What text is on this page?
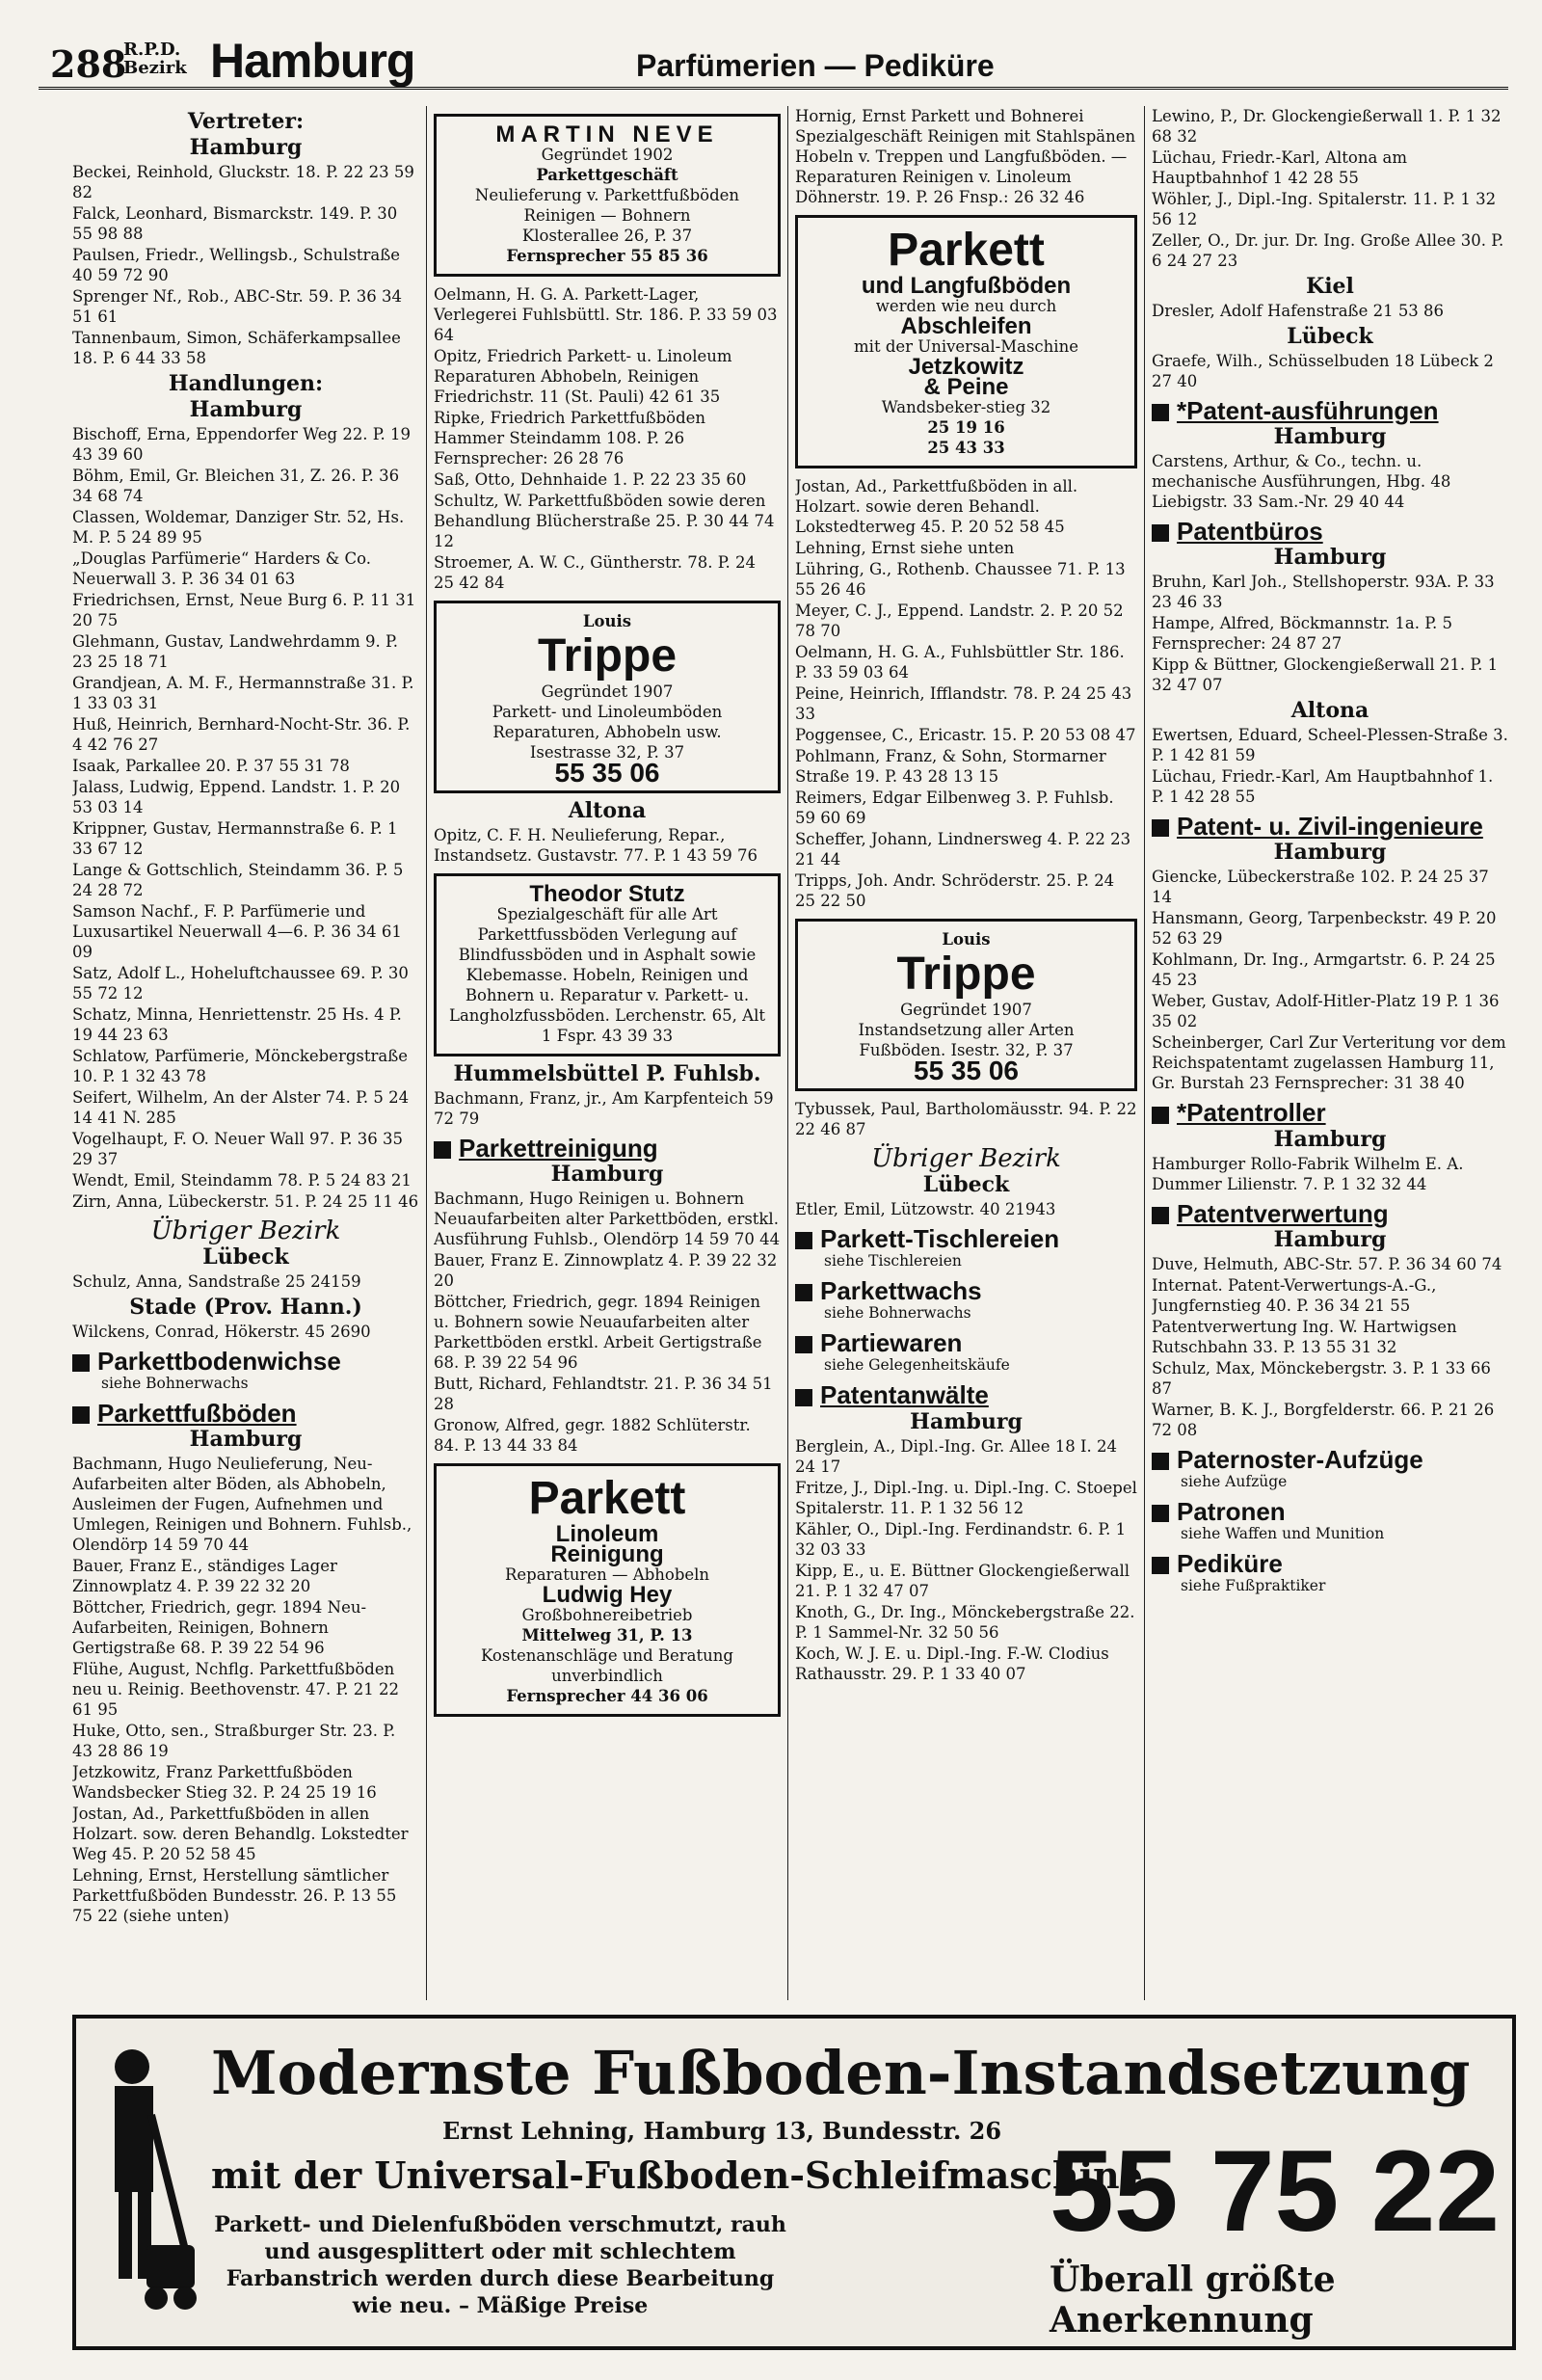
288
R.P.D.
Bezirk Hamburg	Parfümerien — Pediküre
Vertreter:
Hamburg
Beckei, Reinhold, Gluckstr. 18. P. 22 23 59 82
Falck, Leonhard, Bismarckstr. 149. P. 30 55 98 88
Paulsen, Friedr., Wellingsb., Schulstraße 40 59 72 90
Sprenger Nf., Rob., ABC-Str. 59. P. 36 34 51 61
Tannenbaum, Simon, Schäferkampsallee 18. P. 6 44 33 58
Handlungen:
Hamburg
Bischoff, Erna, Eppendorfer Weg 22. P. 19 43 39 60
Böhm, Emil, Gr. Bleichen 31, Z. 26. P. 36 34 68 74
Classen, Woldemar, Danziger Str. 52, Hs. M. P. 5 24 89 95
„Douglas Parfümerie“ Harders & Co. Neuerwall 3. P. 36 34 01 63
Friedrichsen, Ernst, Neue Burg 6. P. 11 31 20 75
Glehmann, Gustav, Landwehrdamm 9. P. 23 25 18 71
Grandjean, A. M. F., Hermannstraße 31. P. 1 33 03 31
Huß, Heinrich, Bernhard-Nocht-Str. 36. P. 4 42 76 27
Isaak, Parkallee 20. P. 37 55 31 78
Jalass, Ludwig, Eppend. Landstr. 1. P. 20 53 03 14
Krippner, Gustav, Hermannstraße 6. P. 1 33 67 12
Lange & Gottschlich, Steindamm 36. P. 5 24 28 72
Samson Nachf., F. P. Parfümerie und Luxusartikel Neuerwall 4—6. P. 36 34 61 09
Satz, Adolf L., Hoheluftchaussee 69. P. 30 55 72 12
Schatz, Minna, Henriettenstr. 25 Hs. 4 P. 19 44 23 63
Schlatow, Parfümerie, Mönckebergstraße 10. P. 1 32 43 78
Seifert, Wilhelm, An der Alster 74. P. 5 24 14 41 N. 285
Vogelhaupt, F. O. Neuer Wall 97. P. 36 35 29 37
Wendt, Emil, Steindamm 78. P. 5 24 83 21
Zirn, Anna, Lübeckerstr. 51. P. 24 25 11 46
Übriger Bezirk
Lübeck
Schulz, Anna, Sandstraße 25 24159
Stade (Prov. Hann.)
Wilckens, Conrad, Hökerstr. 45 2690
Parkettbodenwichse
siehe Bohnerwachs
Parkettfußböden
Hamburg
Bachmann, Hugo Neulieferung, Neu-Aufarbeiten alter Böden, als Abhobeln, Ausleimen der Fugen, Aufnehmen und Umlegen, Reinigen und Bohnern. Fuhlsb., Olendörp 14 59 70 44
Bauer, Franz E., ständiges Lager Zinnowplatz 4. P. 39 22 32 20
Böttcher, Friedrich, gegr. 1894 Neu-Aufarbeiten, Reinigen, Bohnern Gertigstraße 68. P. 39 22 54 96
Flühe, August, Nchflg. Parkettfußböden neu u. Reinig. Beethovenstr. 47. P. 21 22 61 95
Huke, Otto, sen., Straßburger Str. 23. P. 43 28 86 19
Jetzkowitz, Franz Parkettfußböden Wandsbecker Stieg 32. P. 24 25 19 16
Jostan, Ad., Parkettfußböden in allen Holzart. sow. deren Behandlg. Lokstedter Weg 45. P. 20 52 58 45
Lehning, Ernst, Herstellung sämtlicher Parkettfußböden Bundesstr. 26. P. 13 55 75 22 (siehe unten)
MARTIN NEVE
Gegründet 1902
Parkettgeschäft
Neulieferung v. Parkettfußböden
Reinigen — Bohnern
Klosterallee 26, P. 37
Fernsprecher 55 85 36
Oelmann, H. G. A. Parkett-Lager, Verlegerei Fuhlsbüttl. Str. 186. P. 33 59 03 64
Opitz, Friedrich Parkett- u. Linoleum Reparaturen Abhobeln, Reinigen Friedrichstr. 11 (St. Pauli) 42 61 35
Ripke, Friedrich Parkettfußböden Hammer Steindamm 108. P. 26 Fernsprecher: 26 28 76
Saß, Otto, Dehnhaide 1. P. 22 23 35 60
Schultz, W. Parkettfußböden sowie deren Behandlung Blücherstraße 25. P. 30 44 74 12
Stroemer, A. W. C., Güntherstr. 78. P. 24 25 42 84
Louis
Trippe
Gegründet 1907
Parkett- und Linoleumböden
Reparaturen, Abhobeln usw.
Isestrasse 32, P. 37
55 35 06
Altona
Opitz, C. F. H. Neulieferung, Repar., Instandsetz. Gustavstr. 77. P. 1 43 59 76
Theodor Stutz
Spezialgeschäft für alle Art Parkettfussböden Verlegung auf Blindfussböden und in Asphalt sowie Klebemasse. Hobeln, Reinigen und Bohnern u. Reparatur v. Parkett- u. Langholzfussböden. Lerchenstr. 65, Alt 1 Fspr. 43 39 33
Hummelsbüttel P. Fuhlsb.
Bachmann, Franz, jr., Am Karpfenteich 59 72 79
Parkettreinigung
Hamburg
Bachmann, Hugo Reinigen u. Bohnern Neuaufarbeiten alter Parkettböden, erstkl. Ausführung Fuhlsb., Olendörp 14 59 70 44
Bauer, Franz E. Zinnowplatz 4. P. 39 22 32 20
Böttcher, Friedrich, gegr. 1894 Reinigen u. Bohnern sowie Neuaufarbeiten alter Parkettböden erstkl. Arbeit Gertigstraße 68. P. 39 22 54 96
Butt, Richard, Fehlandtstr. 21. P. 36 34 51 28
Gronow, Alfred, gegr. 1882 Schlüterstr. 84. P. 13 44 33 84
Parkett
Linoleum
Reinigung
Reparaturen — Abhobeln
Ludwig Hey
Großbohnereibetrieb
Mittelweg 31, P. 13
Kostenanschläge und Beratung unverbindlich
Fernsprecher 44 36 06
Hornig, Ernst Parkett und Bohnerei Spezialgeschäft Reinigen mit Stahlspänen Hobeln v. Treppen und Langfußböden. — Reparaturen Reinigen v. Linoleum Döhnerstr. 19. P. 26 Fnsp.: 26 32 46
Parkett
und Langfußböden
werden wie neu durch
Abschleifen
mit der Universal-Maschine
Jetzkowitz
& Peine
Wandsbeker-stieg 32
25 19 16
25 43 33
Jostan, Ad., Parkettfußböden in all. Holzart. sowie deren Behandl. Lokstedterweg 45. P. 20 52 58 45
Lehning, Ernst siehe unten
Lühring, G., Rothenb. Chaussee 71. P. 13 55 26 46
Meyer, C. J., Eppend. Landstr. 2. P. 20 52 78 70
Oelmann, H. G. A., Fuhlsbüttler Str. 186. P. 33 59 03 64
Peine, Heinrich, Ifflandstr. 78. P. 24 25 43 33
Poggensee, C., Ericastr. 15. P. 20 53 08 47
Pohlmann, Franz, & Sohn, Stormarner Straße 19. P. 43 28 13 15
Reimers, Edgar Eilbenweg 3. P. Fuhlsb. 59 60 69
Scheffer, Johann, Lindnersweg 4. P. 22 23 21 44
Tripps, Joh. Andr. Schröderstr. 25. P. 24 25 22 50
Louis
Trippe
Gegründet 1907
Instandsetzung aller Arten
Fußböden. Isestr. 32, P. 37
55 35 06
Tybussek, Paul, Bartholomäusstr. 94. P. 22 22 46 87
Übriger Bezirk
Lübeck
Etler, Emil, Lützowstr. 40 21943
Parkett-Tischlereien
siehe Tischlereien
Parkettwachs
siehe Bohnerwachs
Partiewaren
siehe Gelegenheitskäufe
Patentanwälte
Hamburg
Berglein, A., Dipl.-Ing. Gr. Allee 18 I. 24 24 17
Fritze, J., Dipl.-Ing. u. Dipl.-Ing. C. Stoepel Spitalerstr. 11. P. 1 32 56 12
Kähler, O., Dipl.-Ing. Ferdinandstr. 6. P. 1 32 03 33
Kipp, E., u. E. Büttner Glockengießerwall 21. P. 1 32 47 07
Knoth, G., Dr. Ing., Mönckebergstraße 22. P. 1 Sammel-Nr. 32 50 56
Koch, W. J. E. u. Dipl.-Ing. F.-W. Clodius Rathausstr. 29. P. 1 33 40 07
Lewino, P., Dr. Glockengießerwall 1. P. 1 32 68 32
Lüchau, Friedr.-Karl, Altona am Hauptbahnhof 1 42 28 55
Wöhler, J., Dipl.-Ing. Spitalerstr. 11. P. 1 32 56 12
Zeller, O., Dr. jur. Dr. Ing. Große Allee 30. P. 6 24 27 23
Kiel
Dresler, Adolf Hafenstraße 21 53 86
Lübeck
Graefe, Wilh., Schüsselbuden 18 Lübeck 2 27 40
*Patent-ausführungen
Hamburg
Carstens, Arthur, & Co., techn. u. mechanische Ausführungen, Hbg. 48 Liebigstr. 33 Sam.-Nr. 29 40 44
Patentbüros
Hamburg
Bruhn, Karl Joh., Stellshoperstr. 93A. P. 33 23 46 33
Hampe, Alfred, Böckmannstr. 1a. P. 5 Fernsprecher: 24 87 27
Kipp & Büttner, Glockengießerwall 21. P. 1 32 47 07
Altona
Ewertsen, Eduard, Scheel-Plessen-Straße 3. P. 1 42 81 59
Lüchau, Friedr.-Karl, Am Hauptbahnhof 1. P. 1 42 28 55
Patent- u. Zivil-ingenieure
Hamburg
Giencke, Lübeckerstraße 102. P. 24 25 37 14
Hansmann, Georg, Tarpenbeckstr. 49 P. 20 52 63 29
Kohlmann, Dr. Ing., Armgartstr. 6. P. 24 25 45 23
Weber, Gustav, Adolf-Hitler-Platz 19 P. 1 36 35 02
Scheinberger, Carl Zur Verteritung vor dem Reichspatentamt zugelassen Hamburg 11, Gr. Burstah 23 Fernsprecher: 31 38 40
*Patentroller
Hamburg
Hamburger Rollo-Fabrik Wilhelm E. A. Dummer Lilienstr. 7. P. 1 32 32 44
Patentverwertung
Hamburg
Duve, Helmuth, ABC-Str. 57. P. 36 34 60 74
Internat. Patent-Verwertungs-A.-G., Jungfernstieg 40. P. 36 34 21 55
Patentverwertung Ing. W. Hartwigsen Rutschbahn 33. P. 13 55 31 32
Schulz, Max, Mönckebergstr. 3. P. 1 33 66 87
Warner, B. K. J., Borgfelderstr. 66. P. 21 26 72 08
Paternoster-Aufzüge
siehe Aufzüge
Patronen
siehe Waffen und Munition
Pediküre
siehe Fußpraktiker
Modernste Fußboden-Instandsetzung
Ernst Lehning, Hamburg 13, Bundesstr. 26
mit der Universal-Fußboden-Schleifmaschine
Parkett- und Dielenfußböden verschmutzt, rauh und ausgesplittert oder mit schlechtem Farbanstrich werden durch diese Bearbeitung wie neu. – Mäßige Preise
55 75 22
Überall größte Anerkennung
